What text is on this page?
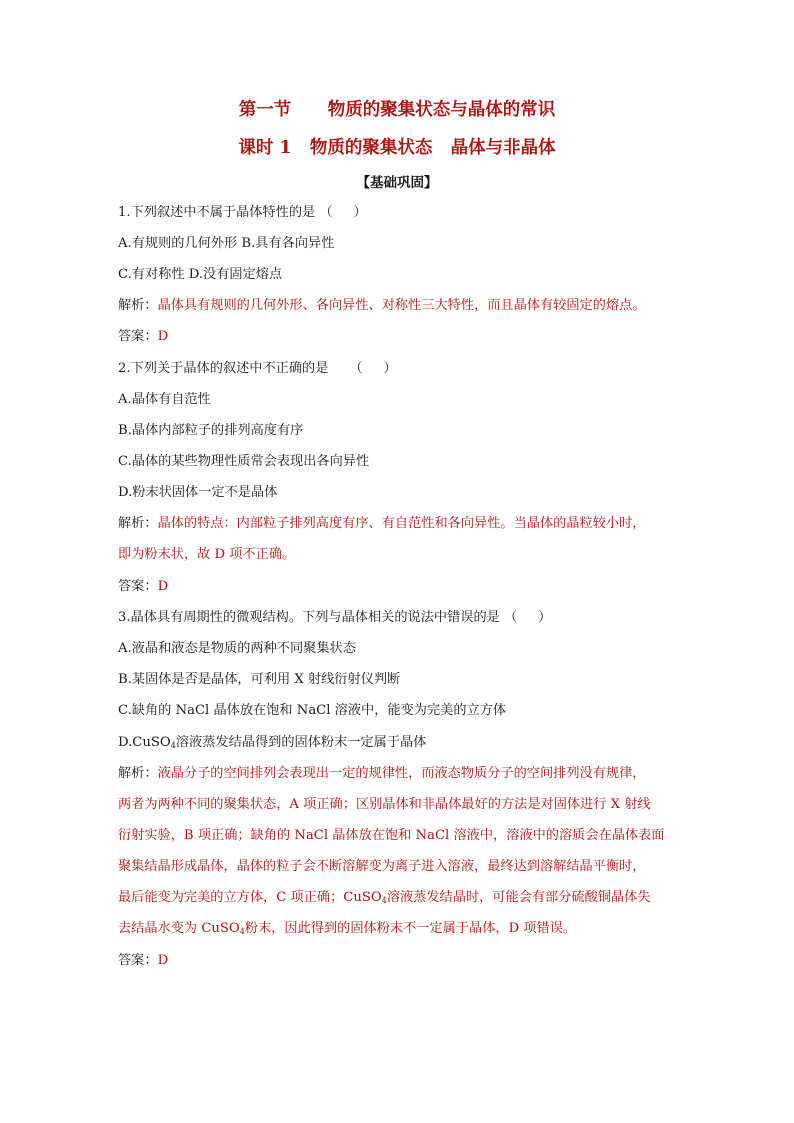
第一节      物质的聚集状态与晶体的常识
课时 1   物质的聚集状态   晶体与非晶体
【基础巩固】
1.下列叙述中不属于晶体特性的是 （     ）
A.有规则的几何外形 B.具有各向异性
C.有对称性 D.没有固定熔点
解析：晶体具有规则的几何外形、各向异性、对称性三大特性，而且晶体有较固定的熔点。
答案：D
2.下列关于晶体的叙述中不正确的是     （     ）
A.晶体有自范性
B.晶体内部粒子的排列高度有序
C.晶体的某些物理性质常会表现出各向异性
D.粉末状固体一定不是晶体
解析：晶体的特点：内部粒子排列高度有序、有自范性和各向异性。当晶体的晶粒较小时，
即为粉末状，故 D 项不正确。
答案：D
3.晶体具有周期性的微观结构。下列与晶体相关的说法中错误的是 （     ）
A.液晶和液态是物质的两种不同聚集状态
B.某固体是否是晶体，可利用 X 射线衍射仪判断
C.缺角的 NaCl 晶体放在饱和 NaCl 溶液中，能变为完美的立方体
D.CuSO$_4$溶液蒸发结晶得到的固体粉末一定属于晶体
解析：液晶分子的空间排列会表现出一定的规律性，而液态物质分子的空间排列没有规律，
两者为两种不同的聚集状态，A 项正确；区别晶体和非晶体最好的方法是对固体进行 X 射线
衍射实验，B 项正确；缺角的 NaCl 晶体放在饱和 NaCl 溶液中，溶液中的溶质会在晶体表面
聚集结晶形成晶体，晶体的粒子会不断溶解变为离子进入溶液，最终达到溶解结晶平衡时，
最后能变为完美的立方体，C 项正确；CuSO$_4$溶液蒸发结晶时，可能会有部分硫酸铜晶体失
去结晶水变为 CuSO$_4$粉末，因此得到的固体粉末不一定属于晶体，D 项错误。
答案：D
